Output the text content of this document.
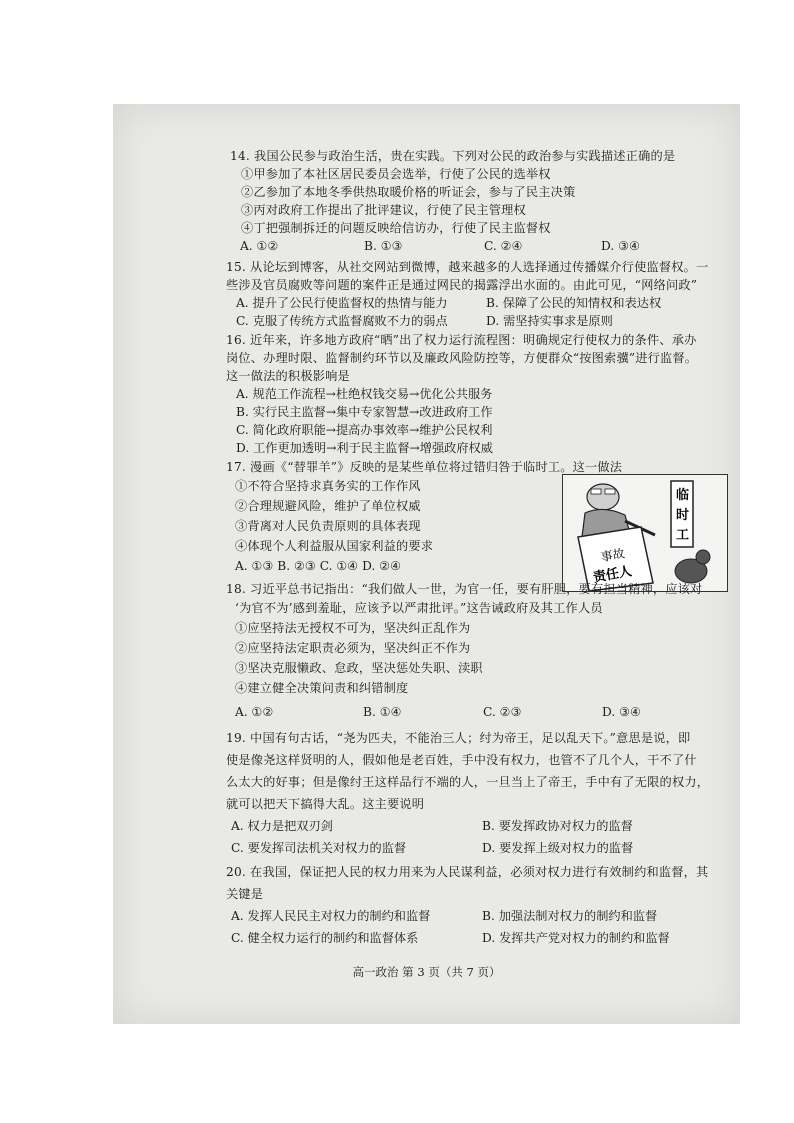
14. 我国公民参与政治生活，贵在实践。下列对公民的政治参与实践描述正确的是
①甲参加了本社区居民委员会选举，行使了公民的选举权
②乙参加了本地冬季供热取暖价格的听证会，参与了民主决策
③丙对政府工作提出了批评建议，行使了民主管理权
④丁把强制拆迁的问题反映给信访办，行使了民主监督权
A. ①②	B. ①③	C. ②④	D. ③④
15. 从论坛到博客，从社交网站到微博，越来越多的人选择通过传播媒介行使监督权。一
些涉及官员腐败等问题的案件正是通过网民的揭露浮出水面的。由此可见，“网络问政”
A. 提升了公民行使监督权的热情与能力	B. 保障了公民的知情权和表达权
C. 克服了传统方式监督腐败不力的弱点	D. 需坚持实事求是原则
16. 近年来，许多地方政府“晒”出了权力运行流程图：明确规定行使权力的条件、承办
岗位、办理时限、监督制约环节以及廉政风险防控等，方便群众“按图索骥”进行监督。
这一做法的积极影响是
A. 规范工作流程→杜绝权钱交易→优化公共服务
B. 实行民主监督→集中专家智慧→改进政府工作
C. 简化政府职能→提高办事效率→维护公民权利
D. 工作更加透明→利于民主监督→增强政府权威
17. 漫画《“替罪羊”》反映的是某些单位将过错归咎于临时工。这一做法
①不符合坚持求真务实的工作作风
②合理规避风险，维护了单位权威
③背离对人民负责原则的具体表现
④体现个人利益服从国家利益的要求
A. ①③ B. ②③ C. ①④ D. ②④
事故
责任人
临
时
工
18. 习近平总书记指出：“我们做人一世，为官一任，要有肝胆，要有担当精神，应该对
‘为官不为’感到羞耻，应该予以严肃批评。”这告诫政府及其工作人员
①应坚持法无授权不可为，坚决纠正乱作为
②应坚持法定职责必须为，坚决纠正不作为
③坚决克服懒政、怠政，坚决惩处失职、渎职
④建立健全决策问责和纠错制度
A. ①②	B. ①④	C. ②③	D. ③④
19. 中国有句古话，“尧为匹夫，不能治三人；纣为帝王，足以乱天下。”意思是说，即
使是像尧这样贤明的人，假如他是老百姓，手中没有权力，也管不了几个人，干不了什
么太大的好事；但是像纣王这样品行不端的人，一旦当上了帝王，手中有了无限的权力，
就可以把天下搞得大乱。这主要说明
A. 权力是把双刃剑	B. 要发挥政协对权力的监督
C. 要发挥司法机关对权力的监督	D. 要发挥上级对权力的监督
20. 在我国，保证把人民的权力用来为人民谋利益，必须对权力进行有效制约和监督，其
关键是
A. 发挥人民民主对权力的制约和监督	B. 加强法制对权力的制约和监督
C. 健全权力运行的制约和监督体系	D. 发挥共产党对权力的制约和监督
高一政治 第 3 页（共 7 页）
